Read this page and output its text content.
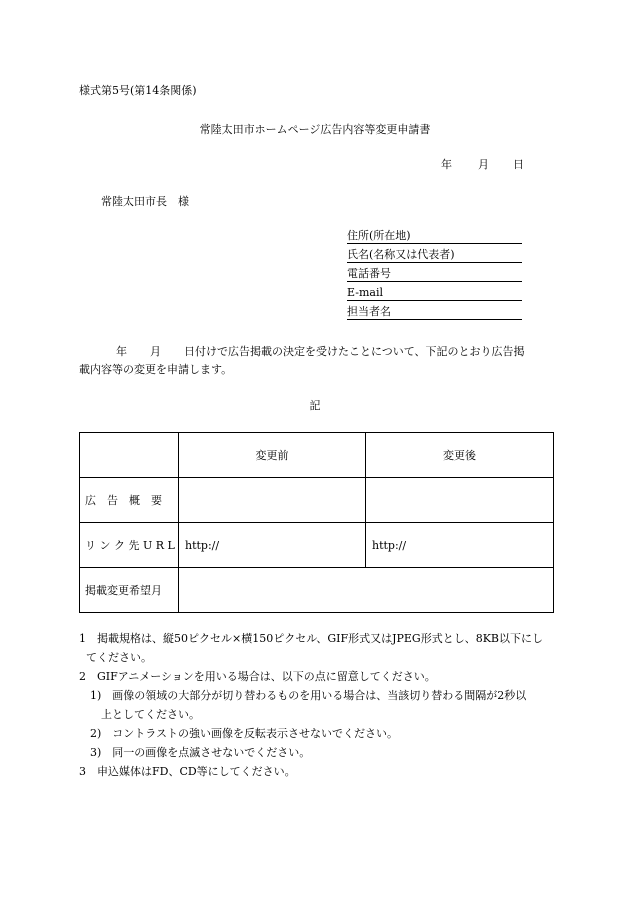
様式第5号(第14条関係)
常陸太田市ホームページ広告内容等変更申請書
年 月 日
常陸太田市長　様
住所(所在地)
氏名(名称又は代表者)
電話番号
E-mail
担当者名
年 月 日付けで広告掲載の決定を受けたことについて、下記のとおり広告掲
載内容等の変更を申請します。
記
	変更前	変更後
広　告　概　要		
リ ン ク 先 U R L	http://	http://
掲載変更希望月		
1　掲載規格は、縦50ピクセル×横150ピクセル、GIF形式又はJPEG形式とし、8KB以下にし
てください。
2　GIFアニメーションを用いる場合は、以下の点に留意してください。
1)　画像の領域の大部分が切り替わるものを用いる場合は、当該切り替わる間隔が2秒以
上としてください。
2)　コントラストの強い画像を反転表示させないでください。
3)　同一の画像を点滅させないでください。
3　申込媒体はFD、CD等にしてください。
